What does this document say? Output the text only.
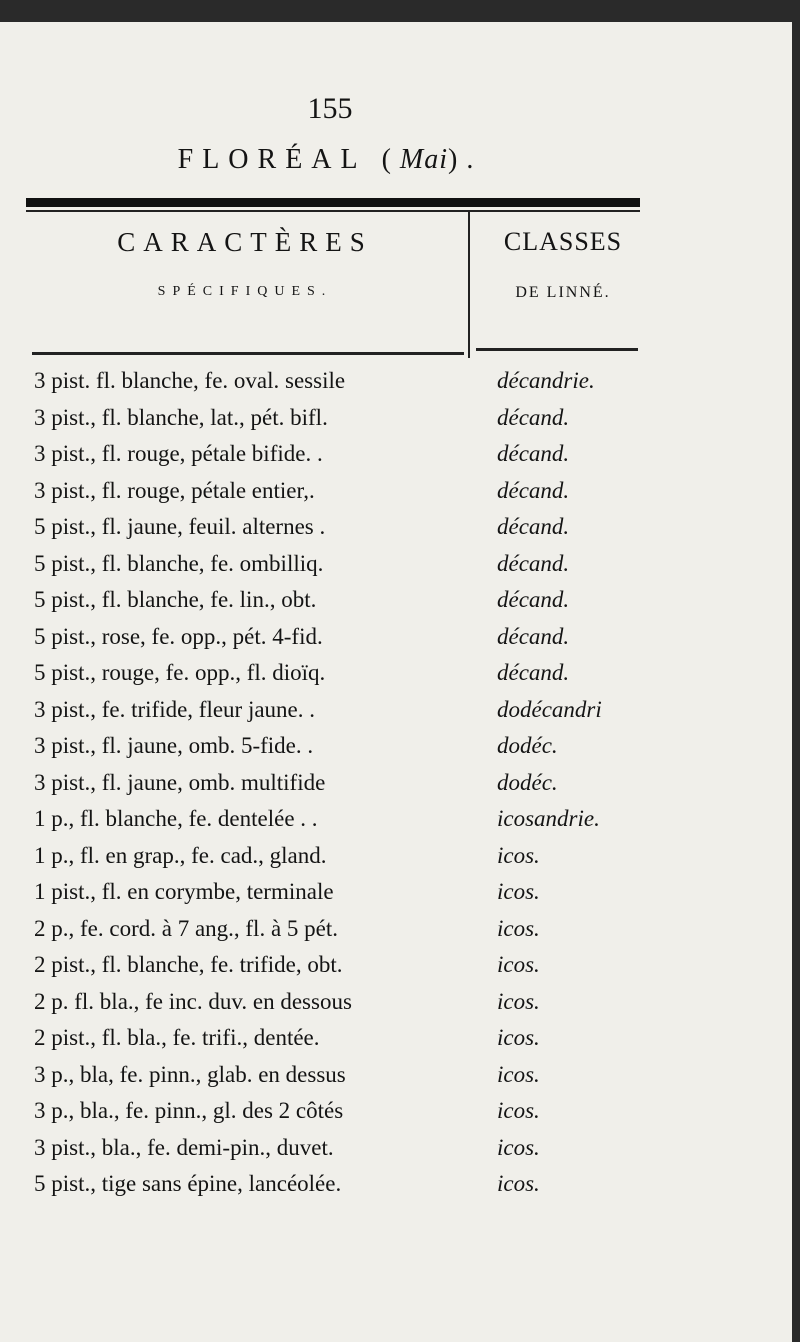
155
FLORÉAL (Mai).
CARACTÈRES
SPÉCIFIQUES.
CLASSES
DE LINNÉ.
3 pist. fl. blanche, fe. oval. sessile	décandrie.
3 pist., fl. blanche, lat., pét. bifl.	décand.
3 pist., fl. rouge, pétale bifide. .	décand.
3 pist., fl. rouge, pétale entier,.	décand.
5 pist., fl. jaune, feuil. alternes .	décand.
5 pist., fl. blanche, fe. ombilliq.	décand.
5 pist., fl. blanche, fe. lin., obt.	décand.
5 pist., rose, fe. opp., pét. 4-fid.	décand.
5 pist., rouge, fe. opp., fl. dioïq.	décand.
3 pist., fe. trifide, fleur jaune. .	dodécandri
3 pist., fl. jaune, omb. 5-fide. .	dodéc.
3 pist., fl. jaune, omb. multifide	dodéc.
1 p., fl. blanche, fe. dentelée . .	icosandrie.
1 p., fl. en grap., fe. cad., gland.	icos.
1 pist., fl. en corymbe, terminale	icos.
2 p., fe. cord. à 7 ang., fl. à 5 pét.	icos.
2 pist., fl. blanche, fe. trifide, obt.	icos.
2 p. fl. bla., fe inc. duv. en dessous	icos.
2 pist., fl. bla., fe. trifi., dentée.	icos.
3 p., bla, fe. pinn., glab. en dessus	icos.
3 p., bla., fe. pinn., gl. des 2 côtés	icos.
3 pist., bla., fe. demi-pin., duvet.	icos.
5 pist., tige sans épine, lancéolée.	icos.
